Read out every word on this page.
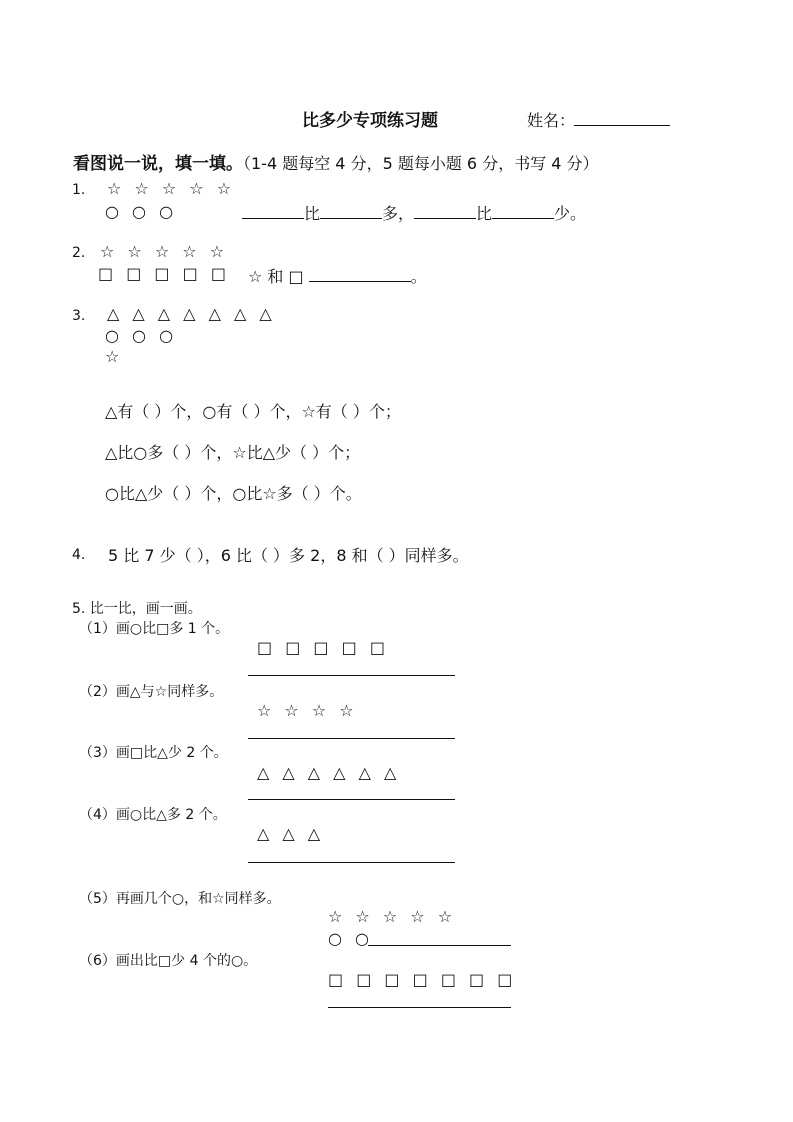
比多少专项练习题	姓名：
看图说一说，填一填。（1-4 题每空 4 分，5 题每小题 6 分，书写 4 分）
1. ☆ ☆ ☆ ☆ ☆
○ ○ ○	比	多，	比	少。
2. ☆ ☆ ☆ ☆ ☆
□ □ □ □ □ ☆ 和 □	。
3. △ △ △ △ △ △ △
○ ○ ○
☆
△有（ ）个，○有（ ）个，☆有（ ）个；
△比○多（ ）个，☆比△少（ ）个；
○比△少（ ）个，○比☆多（ ）个。
4. 5 比 7 少（ ），6 比（ ）多 2，8 和（ ）同样多。
5. 比一比，画一画。
（1）画○比□多 1 个。
□ □ □ □ □
（2）画△与☆同样多。
☆ ☆ ☆ ☆
（3）画□比△少 2 个。
△ △ △ △ △ △
（4）画○比△多 2 个。
△ △ △
（5）再画几个○，和☆同样多。
☆ ☆ ☆ ☆ ☆
○ ○
（6）画出比□少 4 个的○。
□ □ □ □ □ □ □
